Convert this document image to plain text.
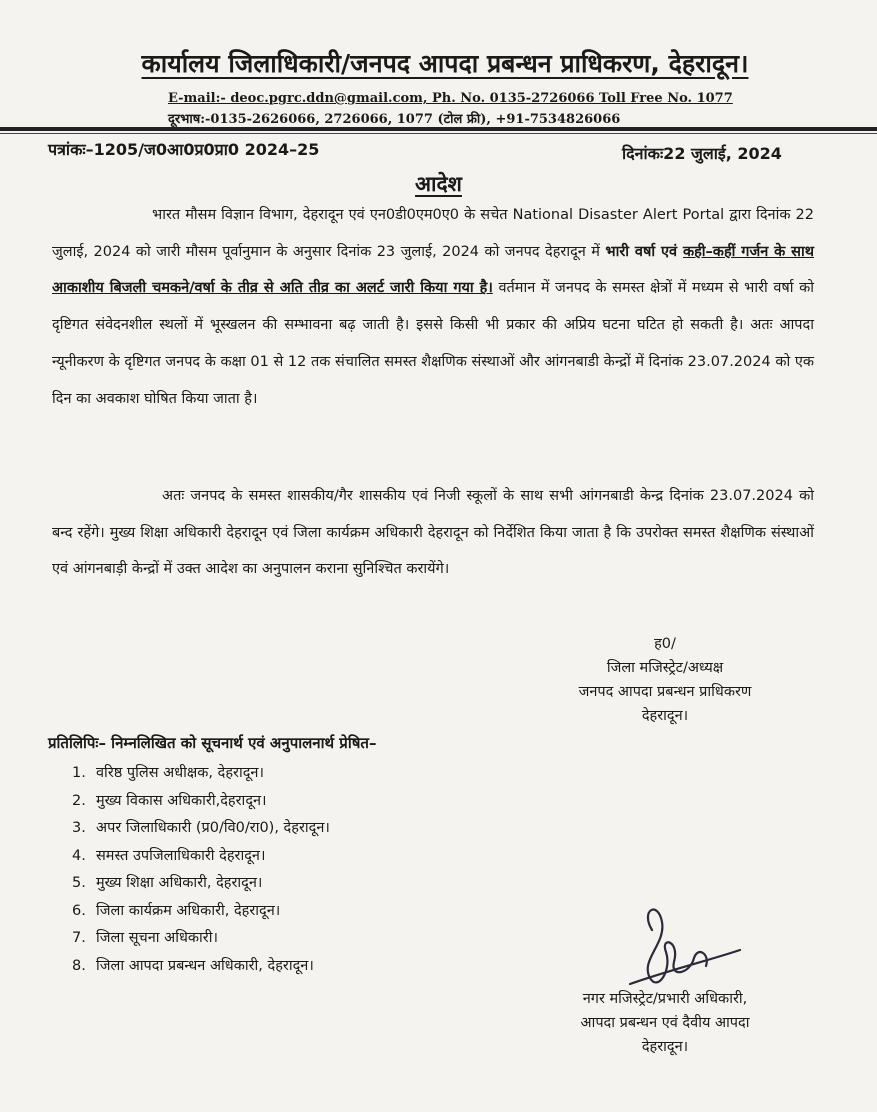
कार्यालय जिलाधिकारी/जनपद आपदा प्रबन्धन प्राधिकरण, देहरादून।
E-mail:- deoc.pgrc.ddn@gmail.com, Ph. No. 0135-2726066 Toll Free No. 1077
दूरभाष:-0135-2626066, 2726066, 1077 (टोल फ्री), +91-7534826066
पत्रांकः–1205/ज0आ0प्र0प्रा0 2024–25	दिनांकः22 जुलाई, 2024
आदेश
भारत मौसम विज्ञान विभाग, देहरादून एवं एन0डी0एम0ए0 के सचेत National Disaster Alert Portal द्वारा दिनांक 22 जुलाई, 2024 को जारी मौसम पूर्वानुमान के अनुसार दिनांक 23 जुलाई, 2024 को जनपद देहरादून में भारी वर्षा एवं कही–कहीं गर्जन के साथ आकाशीय बिजली चमकने/वर्षा के तीव्र से अति तीव्र का अलर्ट जारी किया गया है। वर्तमान में जनपद के समस्त क्षेत्रों में मध्यम से भारी वर्षा को दृष्टिगत संवेदनशील स्थलों में भूस्खलन की सम्भावना बढ़ जाती है। इससे किसी भी प्रकार की अप्रिय घटना घटित हो सकती है। अतः आपदा न्यूनीकरण के दृष्टिगत जनपद के कक्षा 01 से 12 तक संचालित समस्त शैक्षणिक संस्थाओं और आंगनबाडी केन्द्रों में दिनांक 23.07.2024 को एक दिन का अवकाश घोषित किया जाता है।
अतः जनपद के समस्त शासकीय/गैर शासकीय एवं निजी स्कूलों के साथ सभी आंगनबाडी केन्द्र दिनांक 23.07.2024 को बन्द रहेंगे। मुख्य शिक्षा अधिकारी देहरादून एवं जिला कार्यक्रम अधिकारी देहरादून को निर्देशित किया जाता है कि उपरोक्त समस्त शैक्षणिक संस्थाओं एवं आंगनबाड़ी केन्द्रों में उक्त आदेश का अनुपालन कराना सुनिश्चित करायेंगे।
ह0/
जिला मजिस्ट्रेट/अध्यक्ष
जनपद आपदा प्रबन्धन प्राधिकरण
देहरादून।
प्रतिलिपिः– निम्नलिखित को सूचनार्थ एवं अनुपालनार्थ प्रेषित–
1. वरिष्ठ पुलिस अधीक्षक, देहरादून।
2. मुख्य विकास अधिकारी,देहरादून।
3. अपर जिलाधिकारी (प्र0/वि0/रा0), देहरादून।
4. समस्त उपजिलाधिकारी देहरादून।
5. मुख्य शिक्षा अधिकारी, देहरादून।
6. जिला कार्यक्रम अधिकारी, देहरादून।
7. जिला सूचना अधिकारी।
8. जिला आपदा प्रबन्धन अधिकारी, देहरादून।
नगर मजिस्ट्रेट/प्रभारी अधिकारी,
आपदा प्रबन्धन एवं दैवीय आपदा
देहरादून।
